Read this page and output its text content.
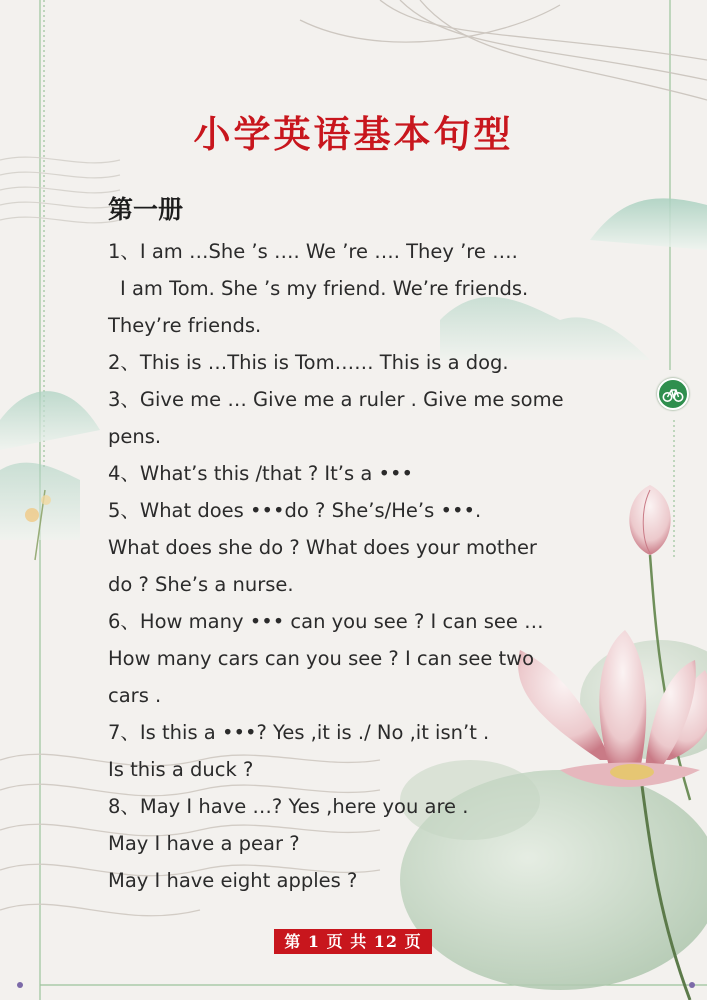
小学英语基本句型
第一册
1、I am …She ’s …. We ’re …. They ’re ….
I am Tom. She ’s my friend. We’re friends.
They’re friends.
2、This is …This is Tom…… This is a dog.
3、Give me … Give me a ruler . Give me some
pens.
4、What’s this /that ? It’s a •••
5、What does •••do ? She’s/He’s •••.
What does she do ? What does your mother
do ? She’s a nurse.
6、How many ••• can you see ? I can see …
How many cars can you see ? I can see two
cars .
7、Is this a •••? Yes ,it is ./ No ,it isn’t .
Is this a duck ?
8、May I have …? Yes ,here you are .
May I have a pear ?
May I have eight apples ?
第 1 页 共 12 页
